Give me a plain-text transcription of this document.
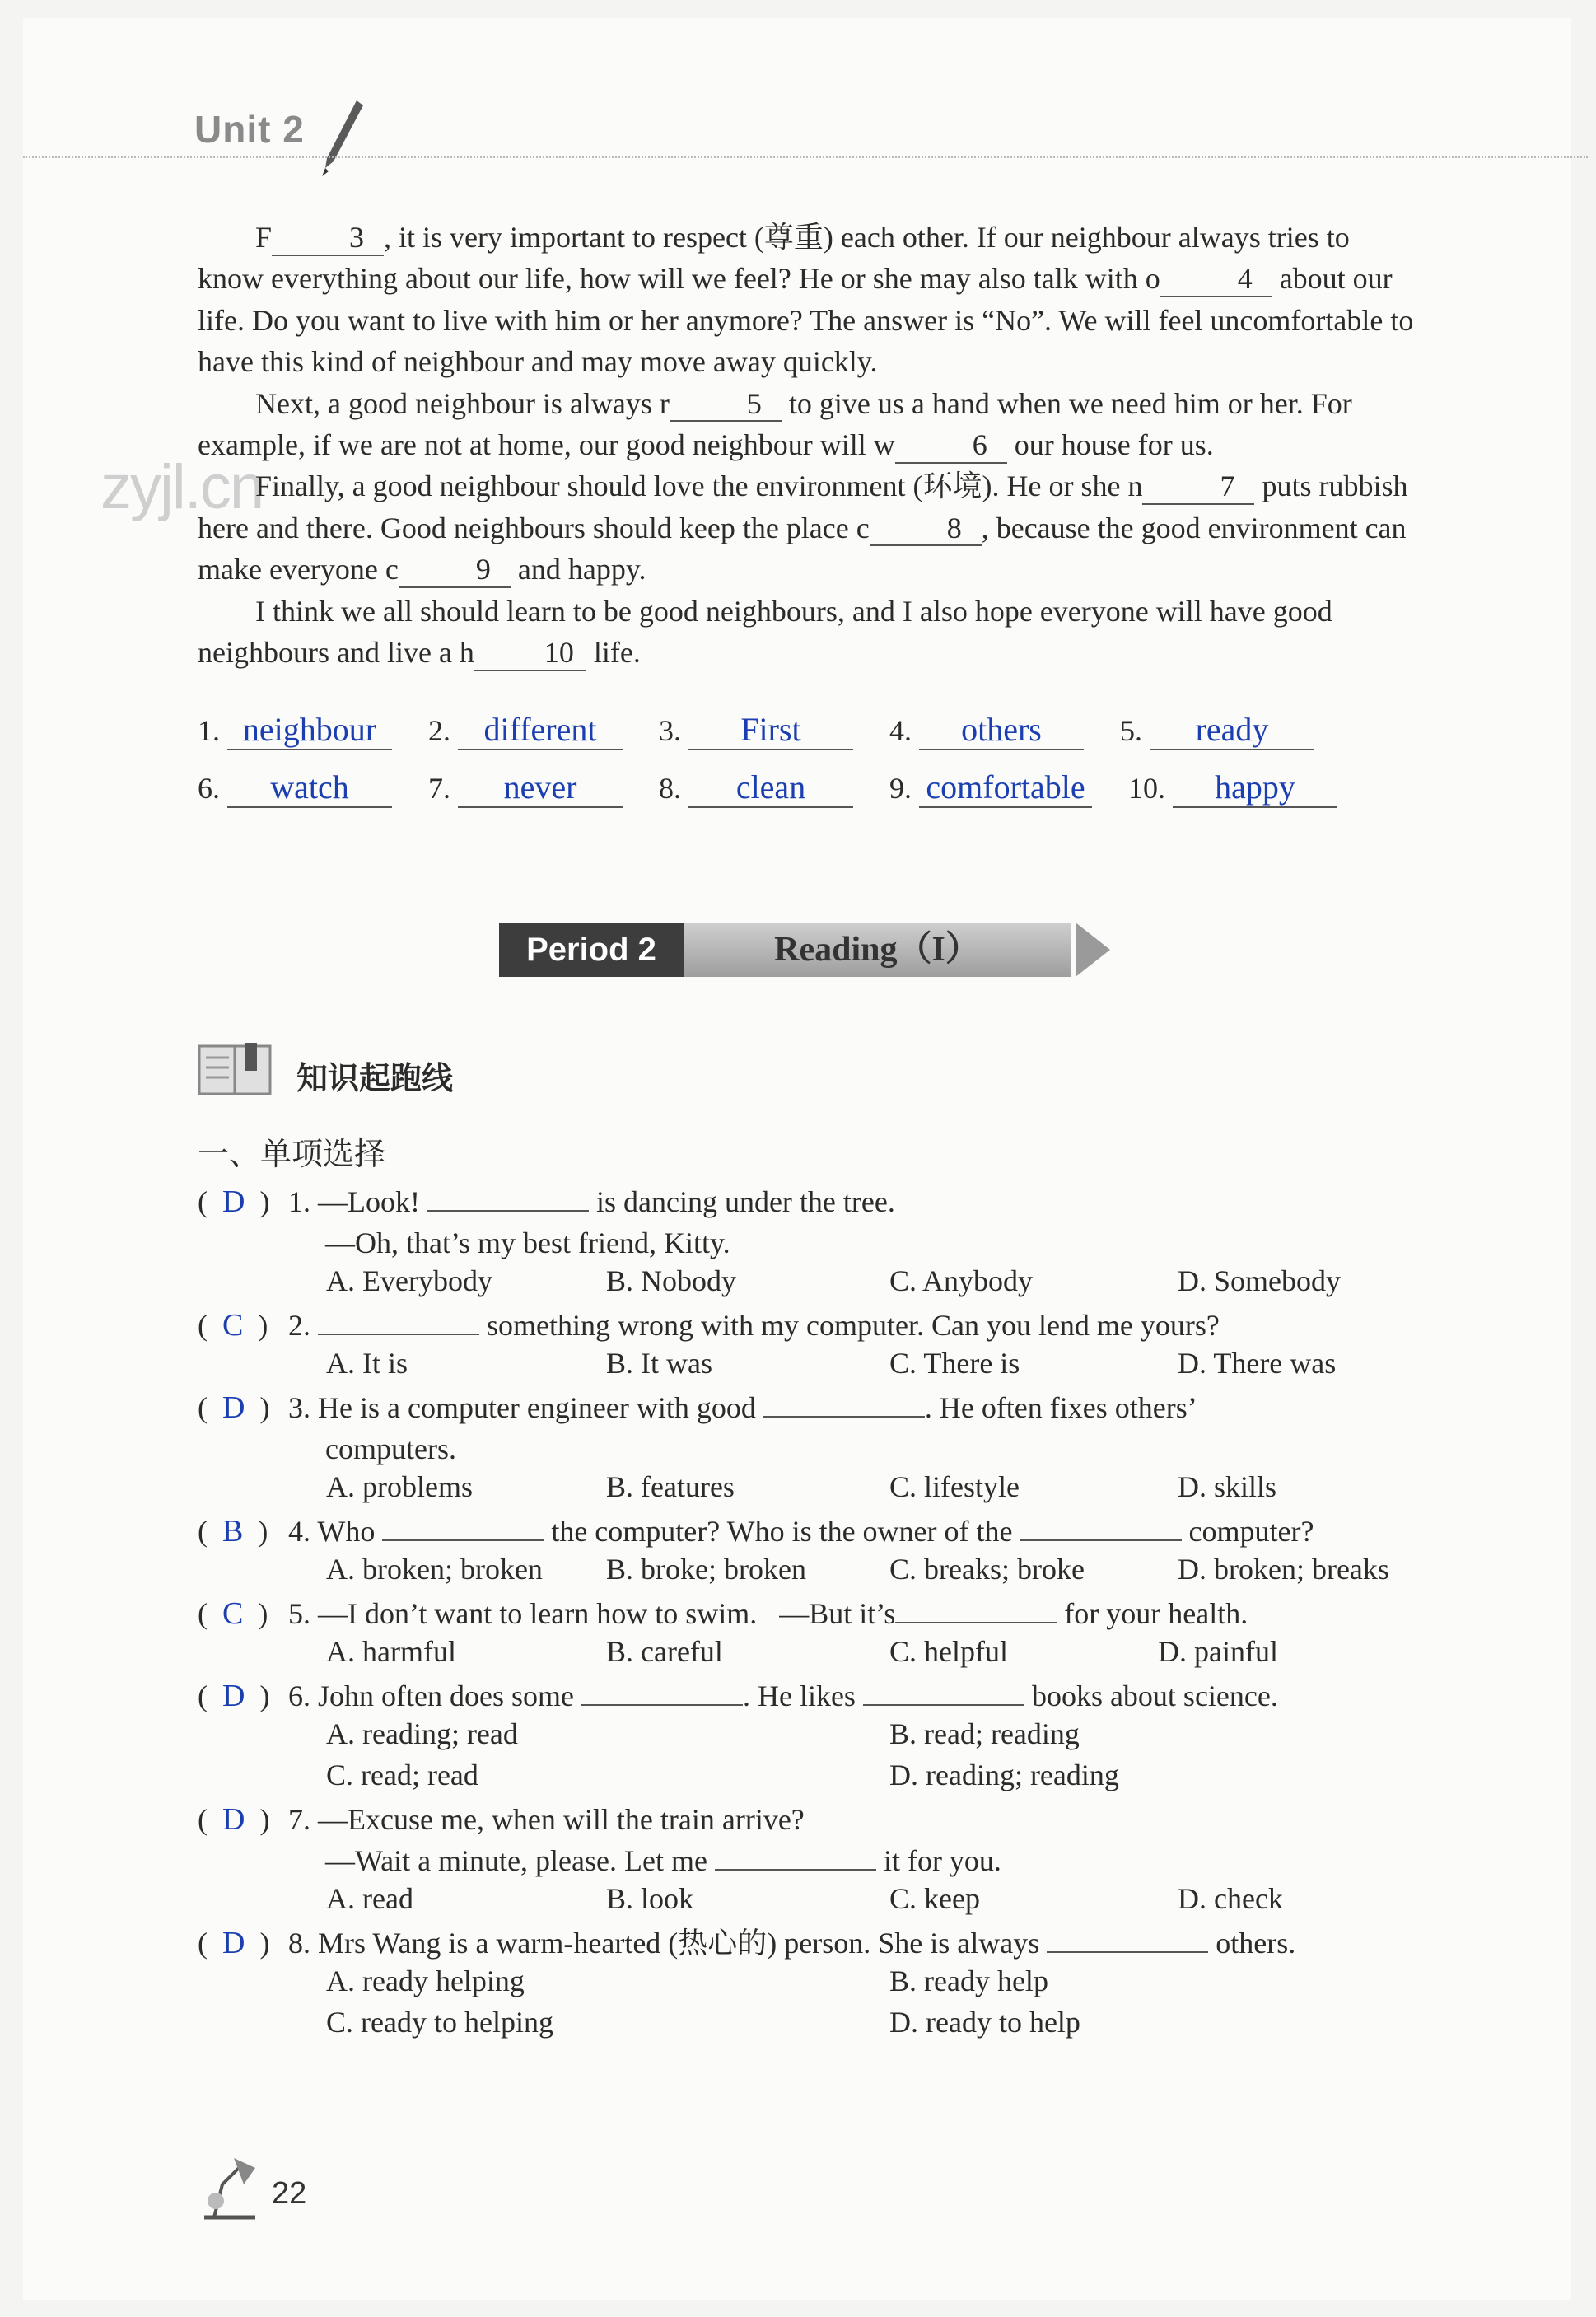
Unit 2
zyjl.cn

F	3 , it is very important to respect (尊重) each other. If our neighbour always tries to know everything about our life, how will we feel? He or she may also talk with o	4 about our life. Do you want to live with him or her anymore? The answer is “No”. We will feel uncomfortable to have this kind of neighbour and may move away quickly.

Next, a good neighbour is always r	5 to give us a hand when we need him or her. For example, if we are not at home, our good neighbour will w	6 our house for us.

Finally, a good neighbour should love the environment (环境). He or she n	7 puts rubbish here and there. Good neighbours should keep the place c	8 , because the good environment can make everyone c	9 and happy.

I think we all should learn to be good neighbours, and I also hope everyone will have good neighbours and live a h 10 life.

1. neighbour 2. different 3. First	4. others	5. ready
6. watch	7. never	8. clean	9. comfortable 10. happy
Period 2	Reading（I）
知识起跑线
一、单项选择
(  D  ) 1. —Look!	is dancing under the tree.
—Oh, that’s my best friend, Kitty.
A. Everybody	B. Nobody	C. Anybody	D. Somebody
(  C  ) 2.	something wrong with my computer. Can you lend me yours?
A. It is	B. It was	C. There is	D. There was
(  D  ) 3. He is a computer engineer with good	. He often fixes others’
computers.
A. problems	B. features	C. lifestyle	D. skills
(  B  ) 4. Who	the computer? Who is the owner of the	computer?
A. broken; broken B. broke; broken	C. breaks; broke	D. broken; breaks
(  C  ) 5. —I don’t want to learn how to swim.   —But it’s	for your health.
A. harmful	B. careful	C. helpful	D. painful
(  D  ) 6. John often does some	. He likes	books about science.
A. reading; read	B. read; reading
C. read; read	D. reading; reading
(  D  ) 7. —Excuse me, when will the train arrive?
—Wait a minute, please. Let me	it for you.
A. read	B. look	C. keep	D. check
(  D  ) 8. Mrs Wang is a warm-hearted (热心的) person. She is always	others.
A. ready helping	B. ready help
C. ready to helping	D. ready to help
22
